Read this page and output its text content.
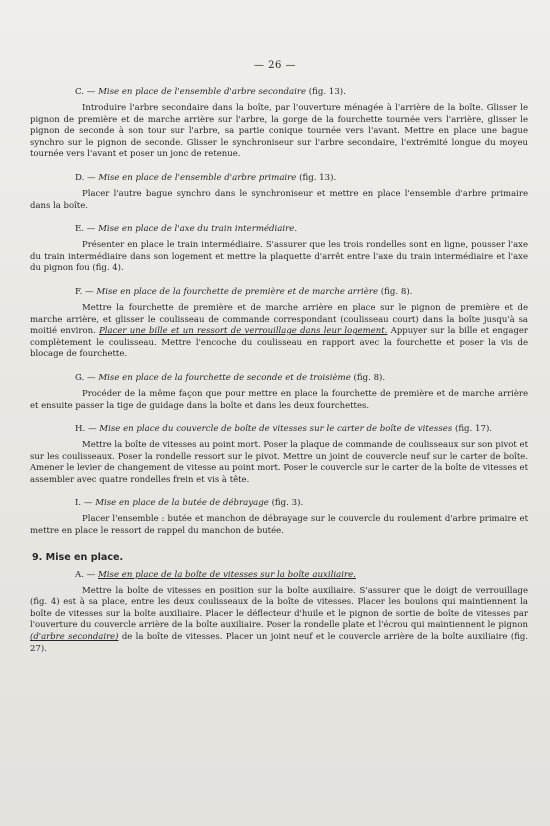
— 26 —
C. — Mise en place de l'ensemble d'arbre secondaire (fig. 13).
Introduire l'arbre secondaire dans la boîte, par l'ouverture ménagée à l'arrière de la boîte. Glisser le pignon de première et de marche arrière sur l'arbre, la gorge de la fourchette tournée vers l'arrière, glisser le pignon de seconde à son tour sur l'arbre, sa partie conique tournée vers l'avant. Mettre en place une bague synchro sur le pignon de seconde. Glisser le synchroniseur sur l'arbre secondaire, l'extrémité longue du moyeu tournée vers l'avant et poser un jonc de retenue.
D. — Mise en place de l'ensemble d'arbre primaire (fig. 13).
Placer l'autre bague synchro dans le synchroniseur et mettre en place l'ensemble d'arbre primaire dans la boîte.
E. — Mise en place de l'axe du train intermédiaire.
Présenter en place le train intermédiaire. S'assurer que les trois rondelles sont en ligne, pousser l'axe du train intermédiaire dans son logement et mettre la plaquette d'arrêt entre l'axe du train intermédiaire et l'axe du pignon fou (fig. 4).
F. — Mise en place de la fourchette de première et de marche arrière (fig. 8).
Mettre la fourchette de première et de marche arrière en place sur le pignon de première et de marche arrière, et glisser le coulisseau de commande correspondant (coulisseau court) dans la boîte jusqu'à sa moitié environ. Placer une bille et un ressort de verrouillage dans leur logement. Appuyer sur la bille et engager complètement le coulisseau. Mettre l'encoche du coulisseau en rapport avec la fourchette et poser la vis de blocage de fourchette.
G. — Mise en place de la fourchette de seconde et de troisième (fig. 8).
Procéder de la même façon que pour mettre en place la fourchette de première et de marche arrière et ensuite passer la tige de guidage dans la boîte et dans les deux fourchettes.
H. — Mise en place du couvercle de boîte de vitesses sur le carter de boîte de vitesses (fig. 17).
Mettre la boîte de vitesses au point mort. Poser la plaque de commande de coulisseaux sur son pivot et sur les coulisseaux. Poser la rondelle ressort sur le pivot. Mettre un joint de couvercle neuf sur le carter de boîte. Amener le levier de changement de vitesse au point mort. Poser le couvercle sur le carter de la boîte de vitesses et assembler avec quatre rondelles frein et vis à tête.
I. — Mise en place de la butée de débrayage (fig. 3).
Placer l'ensemble : butée et manchon de débrayage sur le couvercle du roulement d'arbre primaire et mettre en place le ressort de rappel du manchon de butée.
9. Mise en place.
A. — Mise en place de la boîte de vitesses sur la boîte auxiliaire.
Mettre la boîte de vitesses en position sur la boîte auxiliaire. S'assurer que le doigt de verrouillage (fig. 4) est à sa place, entre les deux coulisseaux de la boîte de vitesses. Placer les boulons qui maintiennent la boîte de vitesses sur la boîte auxiliaire. Placer le déflecteur d'huile et le pignon de sortie de boîte de vitesses par l'ouverture du couvercle arrière de la boîte auxiliaire. Poser la rondelle plate et l'écrou qui maintiennent le pignon (d'arbre secondaire) de la boîte de vitesses. Placer un joint neuf et le couvercle arrière de la boîte auxiliaire (fig. 27).
